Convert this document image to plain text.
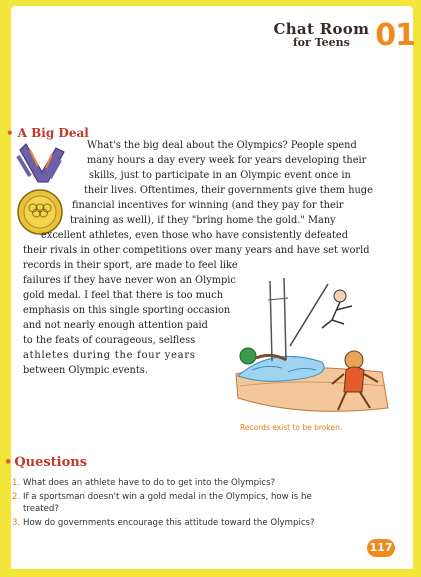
Chat Room
for Teens 01
• A Big Deal
What's the big deal about the Olympics? People spend
many hours a day every week for years developing their
skills, just to participate in an Olympic event once in
their lives. Oftentimes, their governments give them huge
financial incentives for winning (and they pay for their
training as well), if they "bring home the gold." Many
excellent athletes, even those who have consistently defeated
their rivals in other competitions over many years and have set world
records in their sport, are made to feel like
failures if they have never won an Olympic
gold medal. I feel that there is too much
emphasis on this single sporting occasion
and not nearly enough attention paid
to the feats of courageous, selfless
athletes during the four years
between Olympic events.
Records exist to be broken.
• Questions
1. What does an athlete have to do to get into the Olympics?
2. If a sportsman doesn't win a gold medal in the Olympics, how is he
treated?
3. How do governments encourage this attitude toward the Olympics?
117
